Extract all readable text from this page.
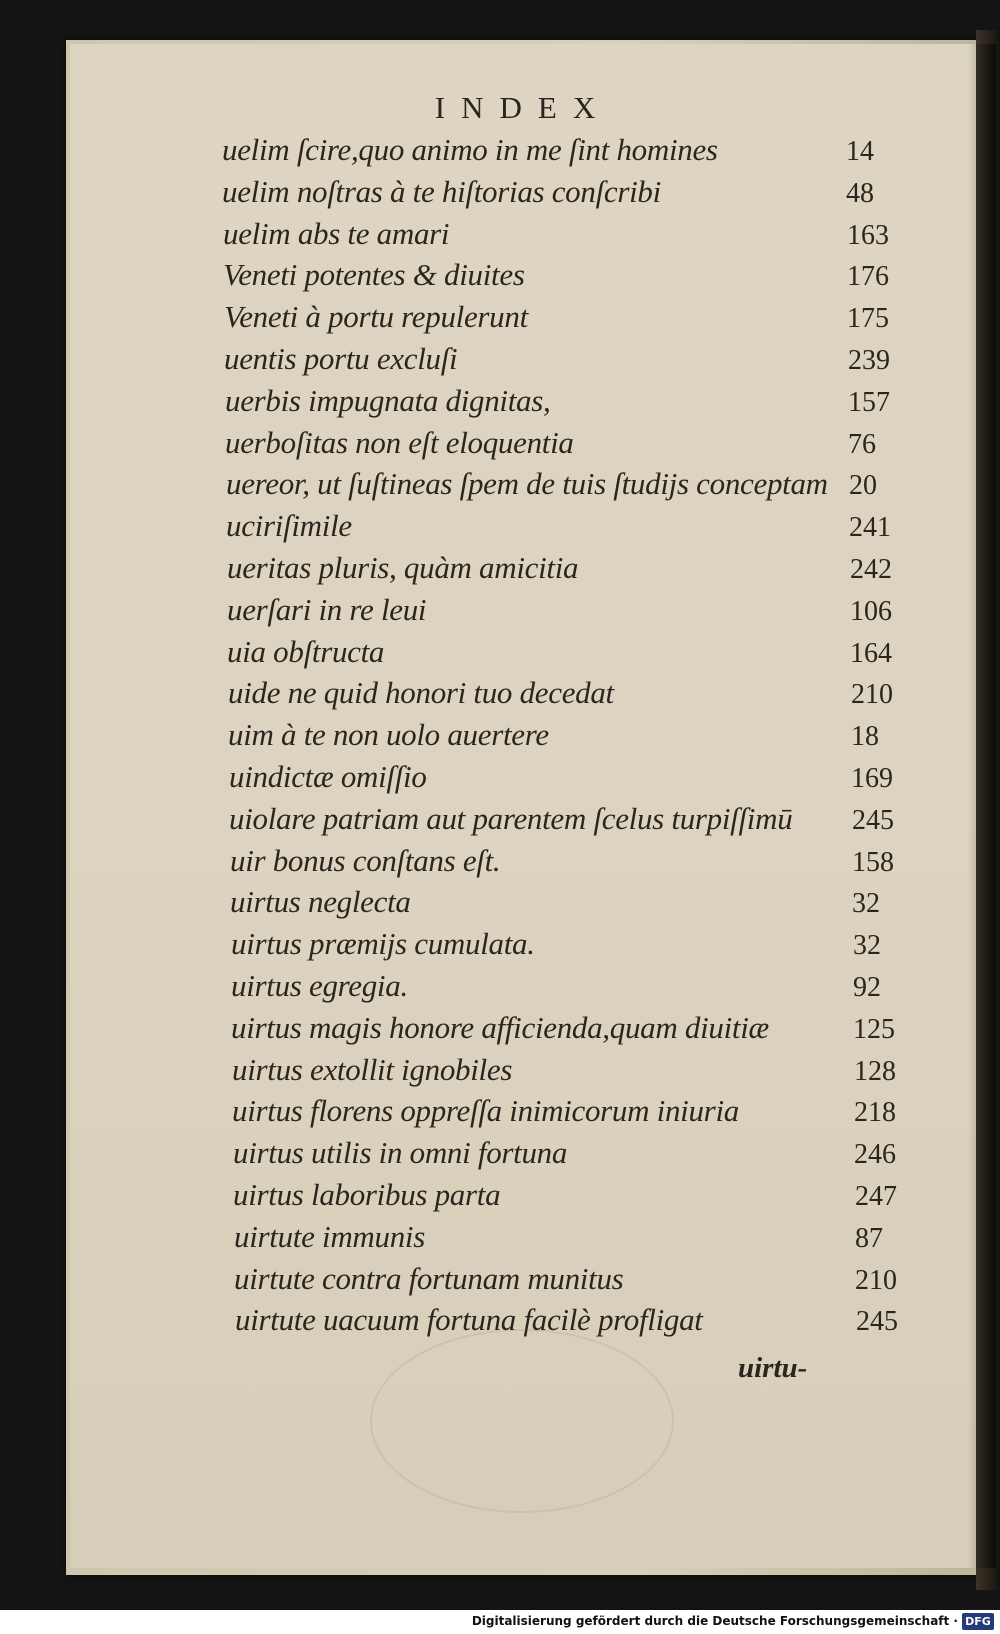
INDEX
uelim ſcire,quo animo in me ſint homines	14
uelim noſtras à te hiſtorias conſcribi	48
uelim abs te amari	163
Veneti potentes & diuites	176
Veneti à portu repulerunt	175
uentis portu excluſi	239
uerbis impugnata dignitas,	157
uerboſitas non eſt eloquentia	76
uereor, ut ſuſtineas ſpem de tuis ſtudijs conceptam 20
uciriſimile	241
ueritas pluris, quàm amicitia	242
uerſari in re leui	106
uia obſtructa	164
uide ne quid honori tuo decedat	210
uim à te non uolo auertere	18
uindictæ omiſſio	169
uiolare patriam aut parentem ſcelus turpiſſimū 245
uir bonus conſtans eſt.	158
uirtus neglecta	32
uirtus præmijs cumulata.	32
uirtus egregia.	92
uirtus magis honore afficienda,quam diuitiæ	125
uirtus extollit ignobiles	128
uirtus florens oppreſſa inimicorum iniuria	218
uirtus utilis in omni fortuna	246
uirtus laboribus parta	247
uirtute immunis	87
uirtute contra fortunam munitus	210
uirtute uacuum fortuna facilè profligat	245
uirtu-
Digitalisierung gefördert durch die Deutsche Forschungsgemeinschaft · DFG
